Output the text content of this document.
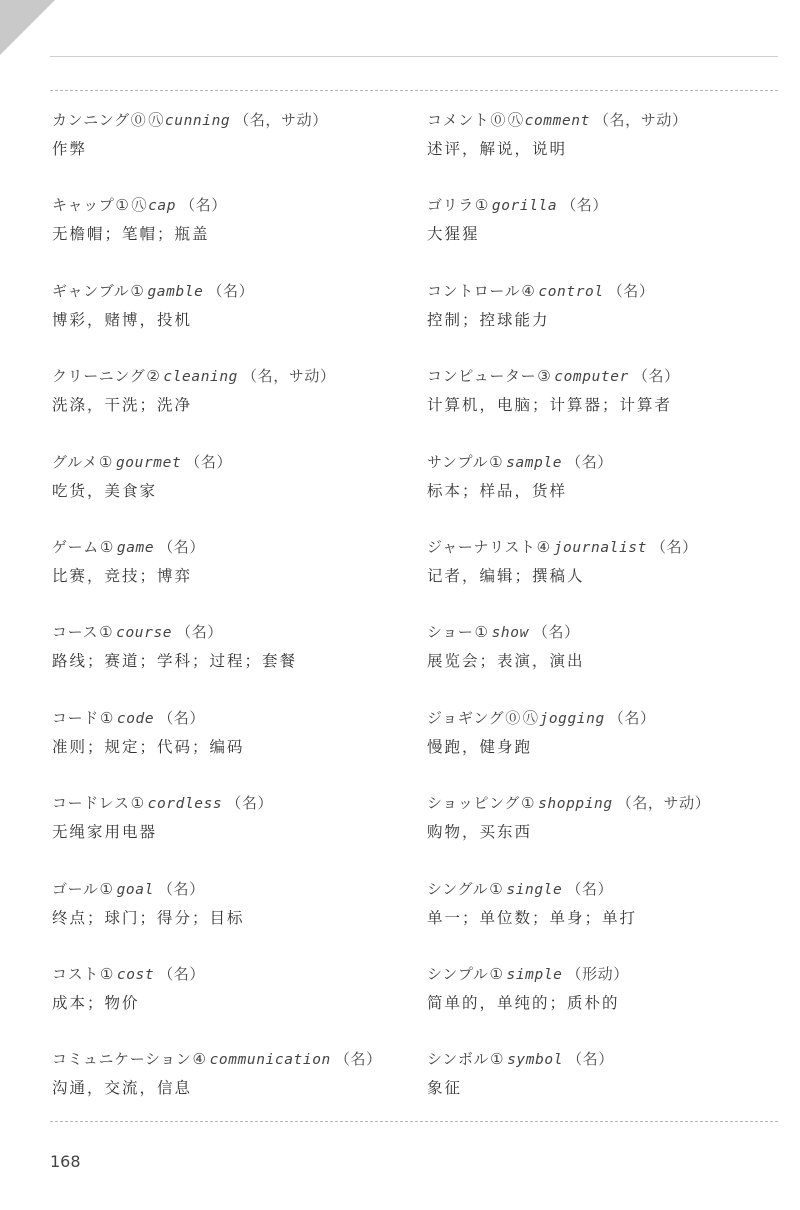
カンニング⓪ ㊇cunning （名，サ动）
作弊
キャップ① ㊇cap （名）
无檐帽；笔帽；瓶盖
ギャンブル① gamble （名）
博彩，赌博，投机
クリーニング② cleaning （名，サ动）
洗涤，干洗；洗净
グルメ① gourmet （名）
吃货，美食家
ゲーム① game （名）
比赛，竞技；博弈
コース① course （名）
路线；赛道；学科；过程；套餐
コード① code （名）
准则；规定；代码；编码
コードレス① cordless （名）
无绳家用电器
ゴール① goal （名）
终点；球门；得分；目标
コスト① cost （名）
成本；物价
コミュニケーション④ communication （名）
沟通，交流，信息
コメント⓪ ㊇comment （名，サ动）
述评，解说，说明
ゴリラ① gorilla （名）
大猩猩
コントロール④ control （名）
控制；控球能力
コンピューター③ computer （名）
计算机，电脑；计算器；计算者
サンプル① sample （名）
标本；样品，货样
ジャーナリスト④ journalist （名）
记者，编辑；撰稿人
ショー① show （名）
展览会；表演，演出
ジョギング⓪ ㊇jogging （名）
慢跑，健身跑
ショッピング① shopping （名，サ动）
购物，买东西
シングル① single （名）
单一；单位数；单身；单打
シンプル① simple （形动）
简单的，单纯的；质朴的
シンボル① symbol （名）
象征
168
